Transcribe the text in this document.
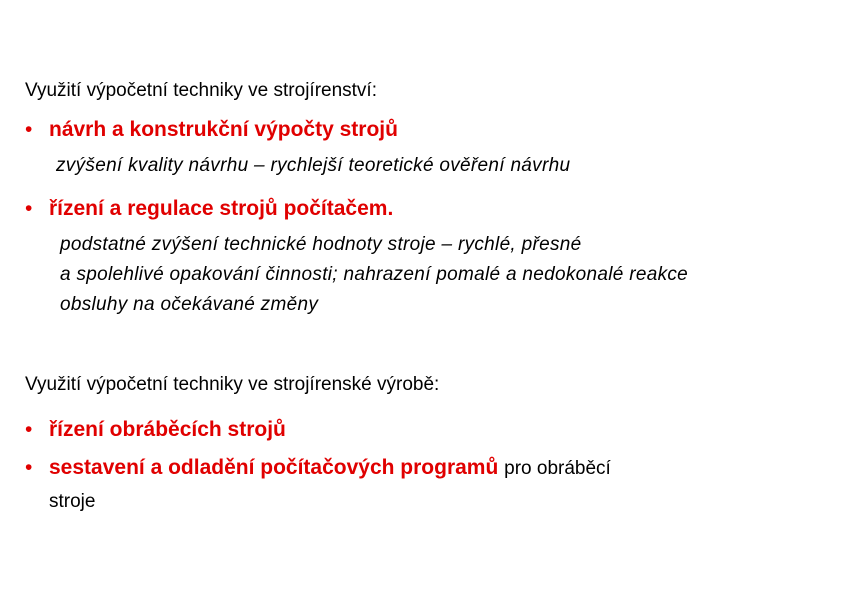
Využití výpočetní techniky ve strojírenství:
• návrh a konstrukční výpočty strojů
zvýšení kvality návrhu – rychlejší teoretické ověření návrhu
• řízení a regulace strojů počítačem.
podstatné zvýšení technické hodnoty stroje – rychlé, přesné
a spolehlivé opakování činnosti; nahrazení pomalé a nedokonalé reakce
obsluhy na očekávané změny
Využití výpočetní techniky ve strojírenské výrobě:
• řízení obráběcích strojů
• sestavení a odladění počítačových programů pro obráběcí
stroje
